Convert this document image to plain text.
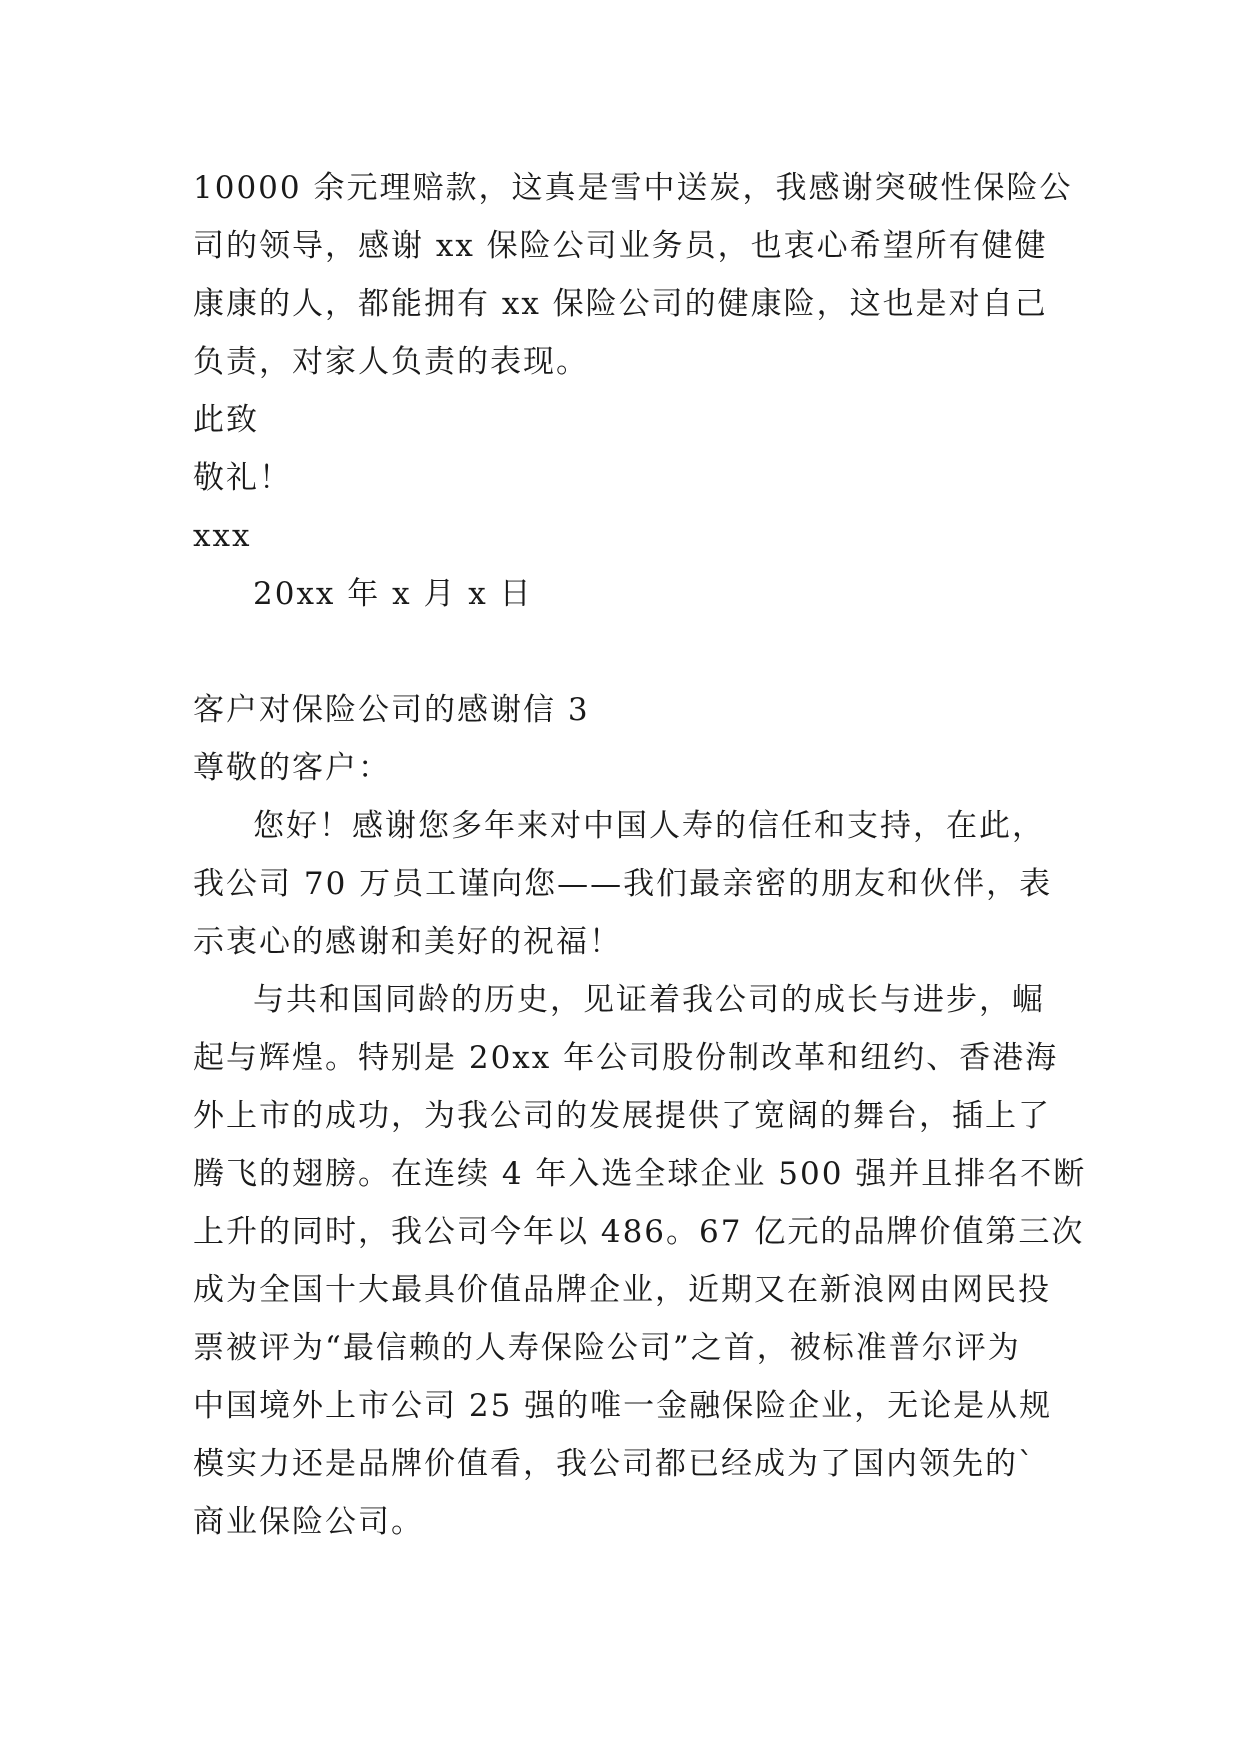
10000 余元理赔款，这真是雪中送炭，我感谢突破性保险公
司的领导，感谢 xx 保险公司业务员，也衷心希望所有健健
康康的人，都能拥有 xx 保险公司的健康险，这也是对自己
负责，对家人负责的表现。
此致
敬礼！
xxx
20xx 年 x 月 x 日
客户对保险公司的感谢信 3
尊敬的客户：
您好！感谢您多年来对中国人寿的信任和支持，在此，
我公司 70 万员工谨向您——我们最亲密的朋友和伙伴，表
示衷心的感谢和美好的祝福！
与共和国同龄的历史，见证着我公司的成长与进步，崛
起与辉煌。特别是 20xx 年公司股份制改革和纽约、香港海
外上市的成功，为我公司的发展提供了宽阔的舞台，插上了
腾飞的翅膀。在连续 4 年入选全球企业 500 强并且排名不断
上升的同时，我公司今年以 486。67 亿元的品牌价值第三次
成为全国十大最具价值品牌企业，近期又在新浪网由网民投
票被评为“最信赖的人寿保险公司”之首，被标准普尔评为
中国境外上市公司 25 强的唯一金融保险企业，无论是从规
模实力还是品牌价值看，我公司都已经成为了国内领先的`
商业保险公司。
